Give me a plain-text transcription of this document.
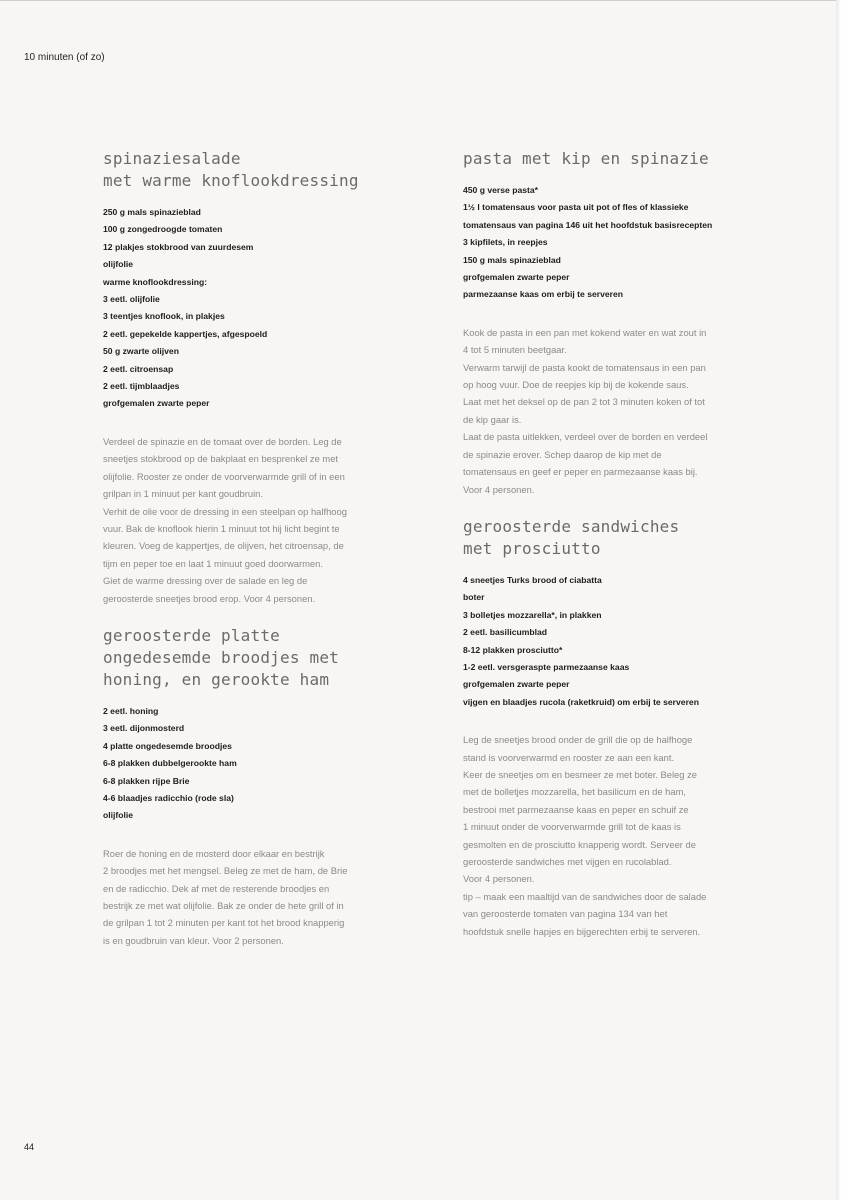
10 minuten (of zo)
spinaziesalade
met warme knoflookdressing
250 g mals spinazieblad
100 g zongedroogde tomaten
12 plakjes stokbrood van zuurdesem
olijfolie
warme knoflookdressing:
3 eetl. olijfolie
3 teentjes knoflook, in plakjes
2 eetl. gepekelde kappertjes, afgespoeld
50 g zwarte olijven
2 eetl. citroensap
2 eetl. tijmblaadjes
grofgemalen zwarte peper

Verdeel de spinazie en de tomaat over de borden. Leg de

sneetjes stokbrood op de bakplaat en besprenkel ze met

olijfolie. Rooster ze onder de voorverwarmde grill of in een

grilpan in 1 minuut per kant goudbruin.

Verhit de olie voor de dressing in een steelpan op halfhoog

vuur. Bak de knoflook hierin 1 minuut tot hij licht begint te

kleuren. Voeg de kappertjes, de olijven, het citroensap, de

tijm en peper toe en laat 1 minuut goed doorwarmen.

Giet de warme dressing over de salade en leg de

geroosterde sneetjes brood erop. Voor 4 personen.

geroosterde platte
ongedesemde broodjes met
honing, en gerookte ham
2 eetl. honing
3 eetl. dijonmosterd
4 platte ongedesemde broodjes
6-8 plakken dubbelgerookte ham
6-8 plakken rijpe Brie
4-6 blaadjes radicchio (rode sla)
olijfolie

Roer de honing en de mosterd door elkaar en bestrijk

2 broodjes met het mengsel. Beleg ze met de ham, de Brie

en de radicchio. Dek af met de resterende broodjes en

bestrijk ze met wat olijfolie. Bak ze onder de hete grill of in

de grilpan 1 tot 2 minuten per kant tot het brood knapperig

is en goudbruin van kleur. Voor 2 personen.

pasta met kip en spinazie
450 g verse pasta*
1½ l tomatensaus voor pasta uit pot of fles of klassieke
tomatensaus van pagina 146 uit het hoofdstuk basisrecepten
3 kipfilets, in reepjes
150 g mals spinazieblad
grofgemalen zwarte peper
parmezaanse kaas om erbij te serveren

Kook de pasta in een pan met kokend water en wat zout in

4 tot 5 minuten beetgaar.

Verwarm tarwijl de pasta kookt de tomatensaus in een pan

op hoog vuur. Doe de reepjes kip bij de kokende saus.

Laat met het deksel op de pan 2 tot 3 minuten koken of tot

de kip gaar is.

Laat de pasta uitlekken, verdeel over de borden en verdeel

de spinazie erover. Schep daarop de kip met de

tomatensaus en geef er peper en parmezaanse kaas bij.

Voor 4 personen.

geroosterde sandwiches
met prosciutto
4 sneetjes Turks brood of ciabatta
boter
3 bolletjes mozzarella*, in plakken
2 eetl. basilicumblad
8-12 plakken prosciutto*
1-2 eetl. versgeraspte parmezaanse kaas
grofgemalen zwarte peper
vijgen en blaadjes rucola (raketkruid) om erbij te serveren

Leg de sneetjes brood onder de grill die op de halfhoge

stand is voorverwarmd en rooster ze aan een kant.

Keer de sneetjes om en besmeer ze met boter. Beleg ze

met de bolletjes mozzarella, het basilicum en de ham,

bestrooi met parmezaanse kaas en peper en schuif ze

1 minuut onder de voorverwarmde grill tot de kaas is

gesmolten en de prosciutto knapperig wordt. Serveer de

geroosterde sandwiches met vijgen en rucolablad.

Voor 4 personen.

tip – maak een maaltijd van de sandwiches door de salade

van geroosterde tomaten van pagina 134 van het

hoofdstuk snelle hapjes en bijgerechten erbij te serveren.

44
